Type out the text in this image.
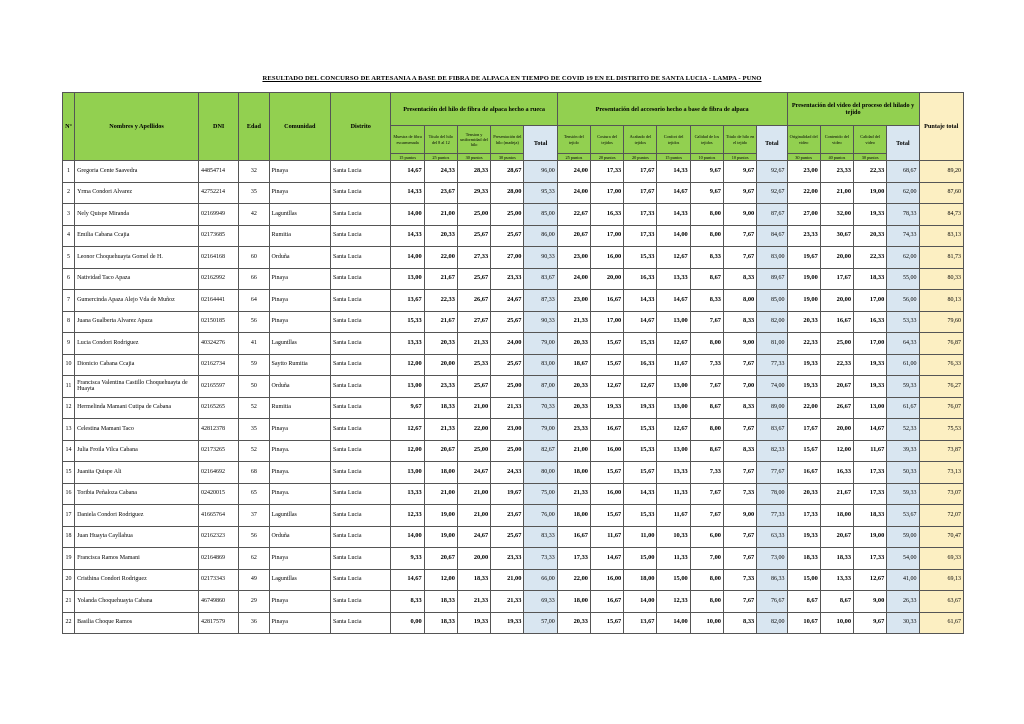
RESULTADO DEL CONCURSO DE ARTESANIA A BASE DE FIBRA DE ALPACA EN TIEMPO DE COVID 19 EN EL DISTRITO DE SANTA LUCIA - LAMPA - PUNO
N°	Nombres y Apellidos	DNI	Edad	Comunidad	Distrito	Presentación del hilo de fibra de alpaca hecho a rueca					Presentación del accesorio hecho a base de fibra de alpaca							Presentación del video del proceso del hilado y tejido				Puntaje total
						Muestra de fibra escarmenada	Titulo del hilo del 8 al 12	Tension y uniformidad del hilo	Presentación del hilo (madeja)	Total	Tensión del tejido	Costura del tejidos	Acabado del tejidos	Confort del tejidos	Calidad de los tejidos	Titulo de hilo en el tejido	Total	Originalidad del video	Contenido del video	Calidad del video	Total	
						15 puntos	25 puntos	30 puntos	30 puntos		25 puntos	20 puntos	20 puntos	15 puntos	10 puntos	10 puntos		30 puntos	40 puntos	30 puntos		
1	Gregoria Cente Saavedra	44854714	32	Pinaya	Santa Lucia	14,67	24,33	28,33	28,67	96,00	24,00	17,33	17,67	14,33	9,67	9,67	92,67	23,00	23,33	22,33	68,67	89,20
2	Yrma Condori Alvarez	42752214	35	Pinaya	Santa Lucia	14,33	23,67	29,33	28,00	95,33	24,00	17,00	17,67	14,67	9,67	9,67	92,67	22,00	21,00	19,00	62,00	87,60
3	Nely Quispe Miranda	02169949	42	Laguntllas	Santa Lucia	14,00	21,00	25,00	25,00	85,00	22,67	16,33	17,33	14,33	8,00	9,00	87,67	27,00	32,00	19,33	78,33	84,73
4	Emilia Cabana Ccajia	02173685		Rumitia	Santa Lucia	14,33	20,33	25,67	25,67	86,00	20,67	17,00	17,33	14,00	8,00	7,67	84,67	23,33	30,67	20,33	74,33	83,13
5	Leonor Choquehuayta Gomel de H.	02164168	60	Orduña	Santa Lucia	14,00	22,00	27,33	27,00	90,33	23,00	16,00	15,33	12,67	8,33	7,67	83,00	19,67	20,00	22,33	62,00	81,73
6	Natividad Taco Apaza	02162992	66	Pinaya	Santa Lucia	13,00	21,67	25,67	23,33	83,67	24,00	20,00	16,33	13,33	8,67	8,33	89,67	19,00	17,67	18,33	55,00	80,33
7	Gumercinda Apaza Alejo Vda de Muñoz	02164441	64	Pinaya	Santa Lucia	13,67	22,33	26,67	24,67	87,33	23,00	16,67	14,33	14,67	8,33	8,00	85,00	19,00	20,00	17,00	56,00	80,13
8	Juana Gualberta Alvarez Apaza	02150185	56	Pinaya	Santa Lucia	15,33	21,67	27,67	25,67	90,33	21,33	17,00	14,67	13,00	7,67	8,33	82,00	20,33	16,67	16,33	53,33	79,60
9	Lucia Condori Rodriguez	40324276	41	Laguntllas	Santa Lucia	13,33	20,33	21,33	24,00	79,00	20,33	15,67	15,33	12,67	8,00	9,00	81,00	22,33	25,00	17,00	64,33	76,87
10	Dionicio Cabana Ccajia	02162734	59	Saytto Rumitia	Santa Lucia	12,00	20,00	25,33	25,67	83,00	18,67	15,67	16,33	11,67	7,33	7,67	77,33	19,33	22,33	19,33	61,00	76,33
11	Francisca Valentina Castillo Choquehuayta de Huayta	02165597	50	Orduña	Santa Lucia	13,00	23,33	25,67	25,00	87,00	20,33	12,67	12,67	13,00	7,67	7,00	74,00	19,33	20,67	19,33	59,33	76,27
12	Hermelinda Mamani Cutipa de Cabana	02165265	52	Rumitia	Santa Lucia	9,67	18,33	21,00	21,33	70,33	20,33	19,33	19,33	13,00	8,67	8,33	89,00	22,00	26,67	13,00	61,67	76,07
13	Celestina Mamani Taco	42812378	35	Pinaya	Santa Lucia	12,67	21,33	22,00	23,00	79,00	23,33	16,67	15,33	12,67	8,00	7,67	83,67	17,67	20,00	14,67	52,33	75,53
14	Julia Froila Vilca Cabana	02173265	52	Pinaya.	Santa Lucia	12,00	20,67	25,00	25,00	82,67	21,00	16,00	15,33	13,00	8,67	8,33	82,33	15,67	12,00	11,67	39,33	73,87
15	Juanita Quispe Ali	02164692	68	Pinaya.	Santa Lucia	13,00	18,00	24,67	24,33	80,00	18,00	15,67	15,67	13,33	7,33	7,67	77,67	16,67	16,33	17,33	50,33	73,13
16	Toribia Peñaloza Cabana	02420015	65	Pinaya.	Santa Lucia	13,33	21,00	21,00	19,67	75,00	21,33	16,00	14,33	11,33	7,67	7,33	78,00	20,33	21,67	17,33	59,33	73,07
17	Daniela Condori Rodriguez	41665764	37	Laguntllas	Santa Lucia	12,33	19,00	21,00	23,67	76,00	18,00	15,67	15,33	11,67	7,67	9,00	77,33	17,33	18,00	18,33	53,67	72,07
18	Juan Huayta Cayllahua	02162323	56	Orduña	Santa Lucia	14,00	19,00	24,67	25,67	83,33	16,67	11,67	11,00	10,33	6,00	7,67	63,33	19,33	20,67	19,00	59,00	70,47
19	Francisca Ramos Mamani	02164869	62	Pinaya	Santa Lucia	9,33	20,67	20,00	23,33	73,33	17,33	14,67	15,00	11,33	7,00	7,67	73,00	18,33	18,33	17,33	54,00	69,33
20	Cristhina Condori Rodriguez	02173343	49	Laguntllas	Santa Lucia	14,67	12,00	18,33	21,00	66,00	22,00	16,00	18,00	15,00	8,00	7,33	86,33	15,00	13,33	12,67	41,00	69,13
21	Yolanda Choquehuayta Cabana	46749860	29	Pinaya	Santa Lucia	8,33	18,33	21,33	21,33	69,33	18,00	16,67	14,00	12,33	8,00	7,67	76,67	8,67	8,67	9,00	26,33	63,67
22	Basilia Choque Ramos	42817579	36	Pinaya	Santa Lucia	0,00	18,33	19,33	19,33	57,00	20,33	15,67	13,67	14,00	10,00	8,33	82,00	10,67	10,00	9,67	30,33	61,67
